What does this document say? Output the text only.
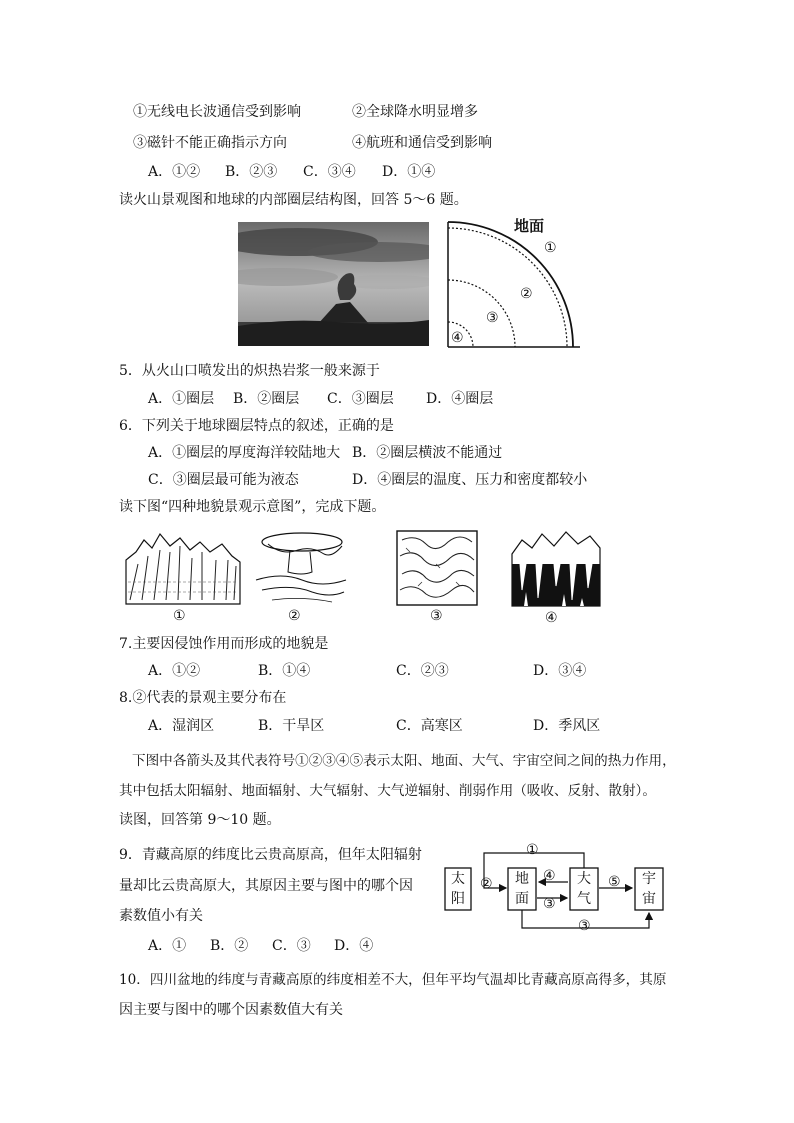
①无线电长波通信受到影响	②全球降水明显增多
③磁针不能正确指示方向	④航班和通信受到影响
A．①② B．②③ C．③④ D．①④
读火山景观图和地球的内部圈层结构图，回答 5～6 题。
地面
①
②
③
④
5．从火山口喷发出的炽热岩浆一般来源于
A．①圈层 B．②圈层 C．③圈层 D．④圈层
6．下列关于地球圈层特点的叙述，正确的是
A．①圈层的厚度海洋较陆地大 B．②圈层横波不能通过
C．③圈层最可能为液态	D．④圈层的温度、压力和密度都较小
读下图“四种地貌景观示意图”，完成下题。
①	②	③	④
7.主要因侵蚀作用而形成的地貌是
A．①②	B．①④	C．②③	D．③④
8.②代表的景观主要分布在
A．湿润区	B．干旱区	C．高寒区	D．季风区
下图中各箭头及其代表符号①②③④⑤表示太阳、地面、大气、宇宙空间之间的热力作用，
其中包括太阳辐射、地面辐射、大气辐射、大气逆辐射、削弱作用（吸收、反射、散射）。
读图，回答第 9～10 题。
9．青藏高原的纬度比云贵高原高，但年太阳辐射
量却比云贵高原大，其原因主要与图中的哪个因
素数值小有关
A．① B．② C．③ D．④
太
阳
地
面
大
气
宇
宙
①
②
③
④	⑤
③
10．四川盆地的纬度与青藏高原的纬度相差不大，但年平均气温却比青藏高原高得多，其原
因主要与图中的哪个因素数值大有关
